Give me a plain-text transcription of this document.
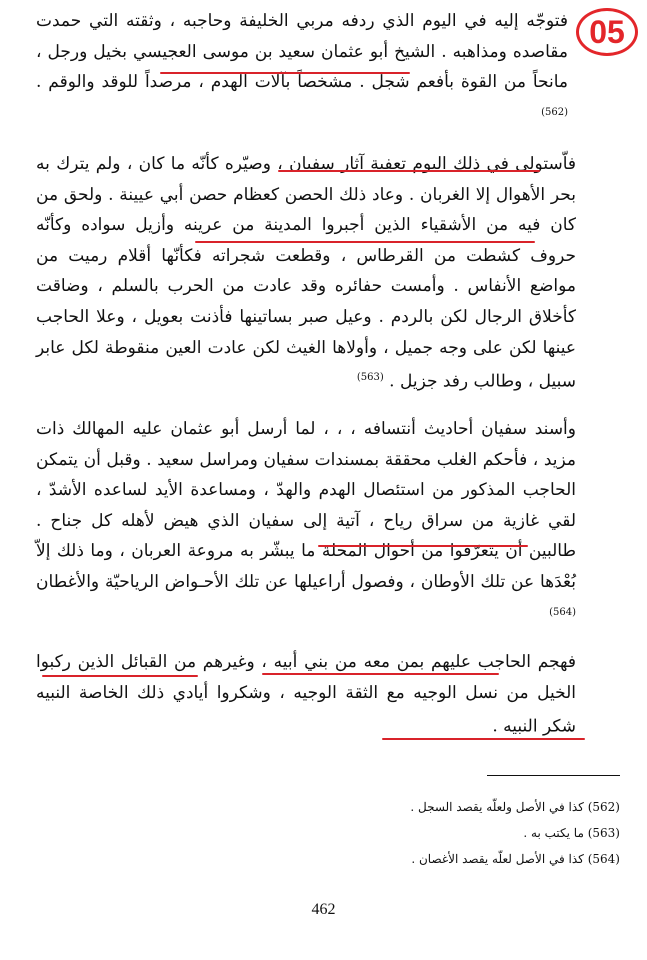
05
فتوجّه إليه في اليوم الذي ردفه مربي الخليفة وحاجبه ، وثقته التي حمدت مقاصده ومذاهبه . الشيخ أبو عثمان سعيد بن موسى العجيسي بخيل ورجل ، مانحاً من القوة بأفعم شجل . مشخصاً بآلات الهدم ، مرصداً للوقد والوقم . $^{(562)}$
فاّستولى في ذلك اليوم تعفية آثار سفيان ، وصيّره كأنّه ما كان ، ولم يترك به بحر الأهوال إلا الغربان . وعاد ذلك الحصن كعظام حصن أبي عيينة . ولحق من كان فيه من الأشقياء الذين أجبروا المدينة من عرينه وأزيل سواده وكأنّه حروف كشطت من القرطاس ، وقطعت شجراته فكأنّها أقلام رميت من مواضع الأنفاس . وأمست حفائره وقد عادت من الحرب بالسلم ، وضاقت كأخلاق الرجال لكن بالردم . وعيل صبر بساتينها فأذنت بعويل ، وعلا الحاجب عينها لكن على وجه جميل ، وأولاها الغيث لكن عادت العين منقوطة لكل عابر سبيل ، وطالب رفد جزيل . $^{(563)}$
وأسند سفيان أحاديث أنتسافه ، ، ، لما أرسل أبو عثمان عليه المهالك ذات مزيد ، فأحكم الغلب محققة بمسندات سفيان ومراسل سعيد . وقبل أن يتمكن الحاجب المذكور من استئصال الهدم والهدّ ، ومساعدة الأيد لساعده الأشدّ ، لقي غازية من سراق رياح ، آتية إلى سفيان الذي هيض لأهله كل جناح . طالبين أن يتعرّفوا من أحوال المحلة ما يبشّر به مروعة العربان ، وما ذلك إلاّ بُعْدَها عن تلك الأوطان ، وفصول أراعيلها عن تلك الأحـواض الرياحيّة والأغطان $^{(564)}$
فهجم الحاجب عليهم بمن معه من بني أبيه ، وغيرهم من القبائل الذين ركبوا الخيل من نسل الوجيه مع الثقة الوجيه ، وشكروا أيادي ذلك الخاصة النبيه شكر النبيه .
(562) كذا في الأصل ولعلّه يقصد السجل .
(563) ما يكتب به .
(564) كذا في الأصل لعلّه يقصد الأغصان .
462
